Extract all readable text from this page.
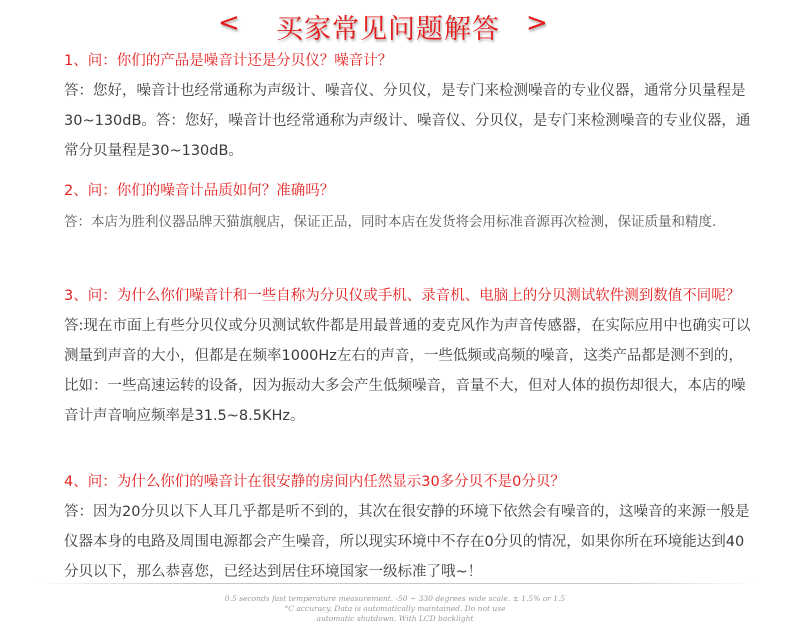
< 买家常见问题解答 >
1、问：你们的产品是噪音计还是分贝仪？噪音计？
答：您好，噪音计也经常通称为声级计、噪音仪、分贝仪，是专门来检测噪音的专业仪器，通常分贝量程是30~130dB。答：您好，噪音计也经常通称为声级计、噪音仪、分贝仪，是专门来检测噪音的专业仪器，通常分贝量程是30~130dB。
2、问：你们的噪音计品质如何？准确吗？
答：本店为胜利仪器品牌天猫旗舰店，保证正品，同时本店在发货将会用标准音源再次检测，保证质量和精度.
3、问：为什么你们噪音计和一些自称为分贝仪或手机、录音机、电脑上的分贝测试软件测到数值不同呢？
答:现在市面上有些分贝仪或分贝测试软件都是用最普通的麦克风作为声音传感器，在实际应用中也确实可以测量到声音的大小，但都是在频率1000Hz左右的声音，一些低频或高频的噪音，这类产品都是测不到的，比如：一些高速运转的设备，因为振动大多会产生低频噪音，音量不大，但对人体的损伤却很大，本店的噪音计声音响应频率是31.5~8.5KHz。
4、问：为什么你们的噪音计在很安静的房间内任然显示30多分贝不是0分贝？
答：因为20分贝以下人耳几乎都是听不到的，其次在很安静的环境下依然会有噪音的，这噪音的来源一般是仪器本身的电路及周围电源都会产生噪音，所以现实环境中不存在0分贝的情况，如果你所在环境能达到40分贝以下，那么恭喜您，已经达到居住环境国家一级标准了哦~！
0.5 seconds fast temperature measurement. -50 ~ 330 degrees wide scale. ± 1.5% or 1.5
°C accuracy. Data is automatically maintained. Do not use
automatic shutdown. With LCD backlight
